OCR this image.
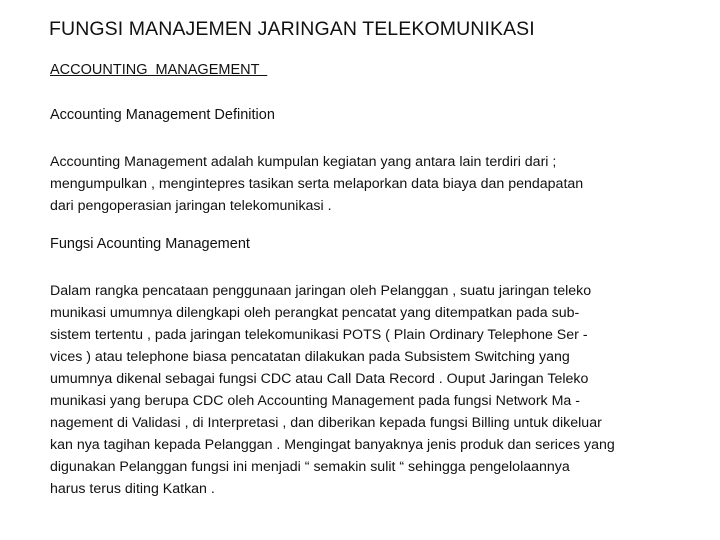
FUNGSI MANAJEMEN JARINGAN TELEKOMUNIKASI
ACCOUNTING  MANAGEMENT
Accounting Management Definition
Accounting Management adalah kumpulan kegiatan yang antara lain terdiri dari ;
mengumpulkan , mengintepres tasikan serta melaporkan data biaya dan pendapatan
dari pengoperasian jaringan telekomunikasi .
Fungsi Acounting Management
Dalam rangka pencataan penggunaan jaringan oleh Pelanggan , suatu jaringan teleko
munikasi umumnya dilengkapi oleh perangkat pencatat yang ditempatkan pada sub-
sistem tertentu , pada jaringan telekomunikasi POTS ( Plain Ordinary Telephone Ser -
vices ) atau telephone biasa pencatatan dilakukan pada Subsistem Switching yang
umumnya dikenal sebagai fungsi CDC atau Call Data Record . Ouput Jaringan Teleko
munikasi yang berupa CDC oleh Accounting Management pada fungsi Network Ma -
nagement di Validasi , di Interpretasi , dan diberikan kepada fungsi Billing untuk dikeluar
kan nya tagihan kepada Pelanggan . Mengingat banyaknya jenis produk dan serices yang
digunakan Pelanggan fungsi ini menjadi “ semakin sulit “ sehingga pengelolaannya
harus terus diting Katkan .
